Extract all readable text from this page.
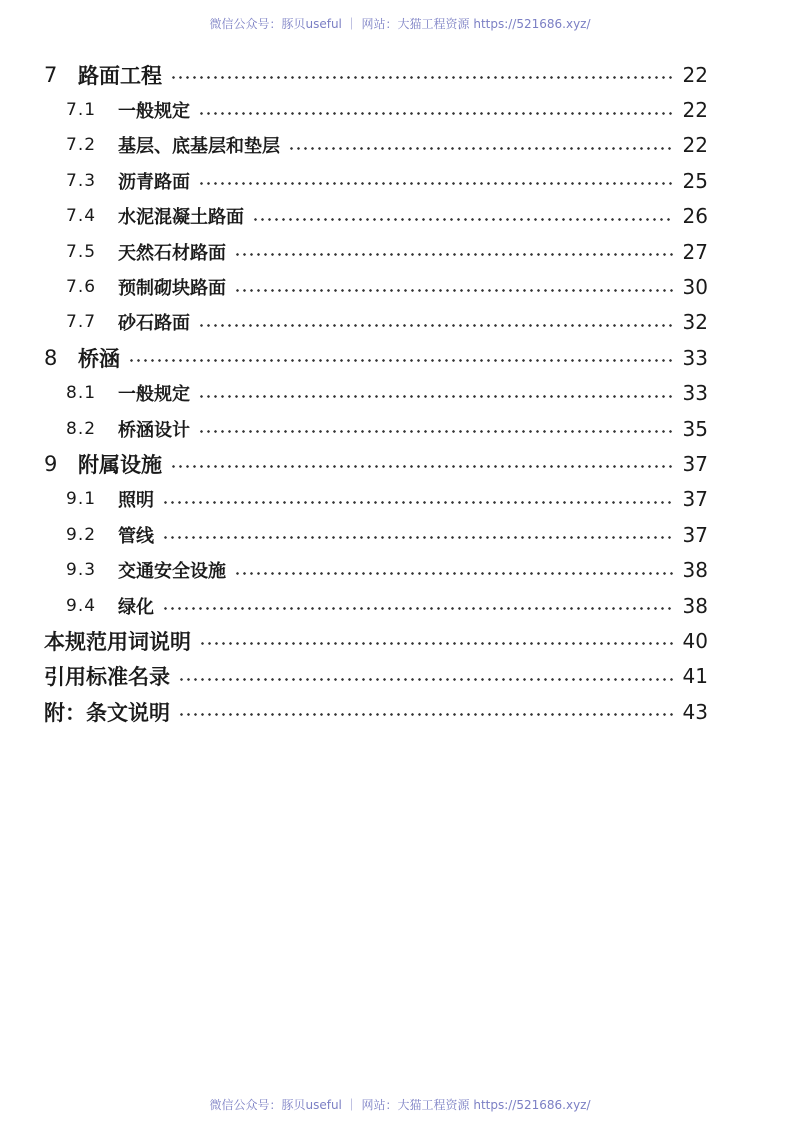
微信公众号：豚贝useful ｜ 网站：大猫工程资源 https://521686.xyz/
7 路面工程	22
7.1	一般规定	22
7.2	基层、底基层和垫层	22
7.3	沥青路面	25
7.4	水泥混凝土路面	26
7.5	天然石材路面	27
7.6	预制砌块路面	30
7.7	砂石路面	32
8 桥涵	33
8.1	一般规定	33
8.2	桥涵设计	35
9 附属设施	37
9.1	照明	37
9.2	管线	37
9.3	交通安全设施	38
9.4	绿化	38
本规范用词说明	40
引用标准名录	41
附：条文说明	43
微信公众号：豚贝useful ｜ 网站：大猫工程资源 https://521686.xyz/
